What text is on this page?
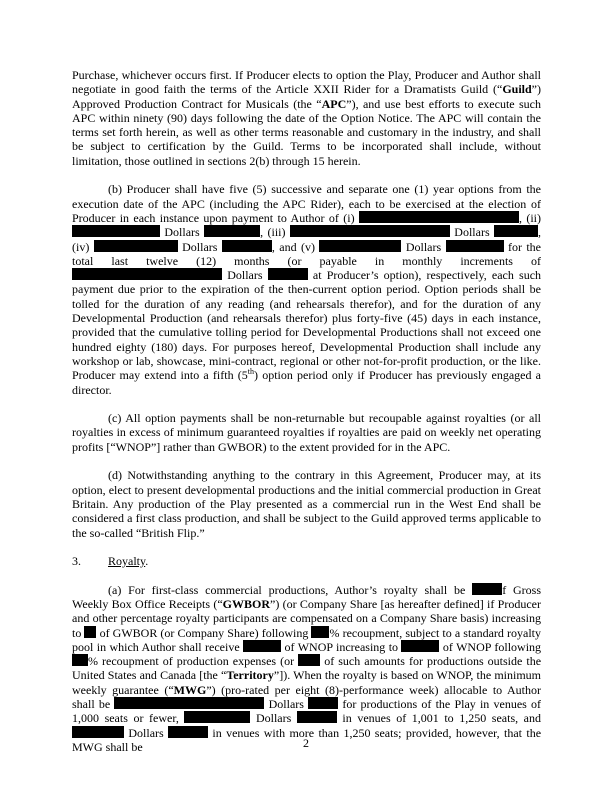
Purchase, whichever occurs first. If Producer elects to option the Play, Producer and Author shall negotiate in good faith the terms of the Article XXII Rider for a Dramatists Guild (“Guild”) Approved Production Contract for Musicals (the “APC”), and use best efforts to execute such APC within ninety (90) days following the date of the Option Notice. The APC will contain the terms set forth herein, as well as other terms reasonable and customary in the industry, and shall be subject to certification by the Guild. Terms to be incorporated shall include, without limitation, those outlined in sections 2(b) through 15 herein.

(b) Producer shall have five (5) successive and separate one (1) year options from the execution date of the APC (including the APC Rider), each to be exercised at the election of Producer in each instance upon payment to Author of (i)	, (ii)  Dollars	, (iii)	Dollars	, (iv)	Dollars	, and (v)	Dollars	for the total last twelve (12) months (or payable in monthly increments of  Dollars	at Producer’s option), respectively, each such payment due prior to the expiration of the then-current option period. Option periods shall be tolled for the duration of any reading (and rehearsals therefor), and for the duration of any Developmental Production (and rehearsals therefor) plus forty-five (45) days in each instance, provided that the cumulative tolling period for Developmental Productions shall not exceed one hundred eighty (180) days. For purposes hereof, Developmental Production shall include any workshop or lab, showcase, mini-contract, regional or other not-for-profit production, or the like. Producer may extend into a fifth (5th) option period only if Producer has previously engaged a director.

(c) All option payments shall be non-returnable but recoupable against royalties (or all royalties in excess of minimum guaranteed royalties if royalties are paid on weekly net operating profits [“WNOP”] rather than GWBOR) to the extent provided for in the APC.

(d) Notwithstanding anything to the contrary in this Agreement, Producer may, at its option, elect to present developmental productions and the initial commercial production in Great Britain. Any production of the Play presented as a commercial run in the West End shall be considered a first class production, and shall be subject to the Guild approved terms applicable to the so-called “British Flip.”

3.	Royalty.

(a) For first-class commercial productions, Author’s royalty shall be	f Gross Weekly Box Office Receipts (“GWBOR”) (or Company Share [as hereafter defined] if Producer and other percentage royalty participants are compensated on a Company Share basis) increasing to of GWBOR (or Company Share) following % recoupment, subject to a standard royalty pool in which Author shall receive	of WNOP increasing to	of WNOP following % recoupment of production expenses (or	of such amounts for productions outside the United States and Canada [the “Territory”]). When the royalty is based on WNOP, the minimum weekly guarantee (“MWG”) (pro-rated per eight (8)-performance week) allocable to Author shall be	Dollars	for productions of the Play in venues of 1,000 seats or fewer,	Dollars	in venues of 1,001 to 1,250 seats, and  Dollars	in venues with more than 1,250 seats; provided, however, that the MWG shall be	2
